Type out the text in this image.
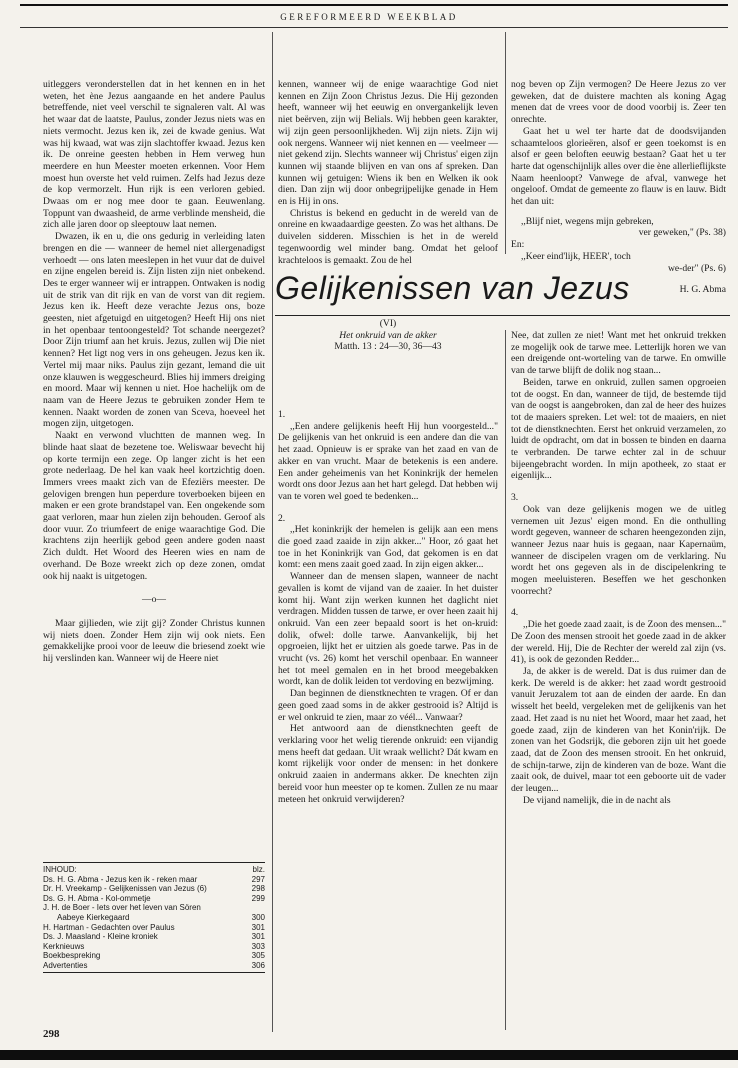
GEREFORMEERD WEEKBLAD

uitleggers veronderstellen dat in het kennen en in het weten, het ène Jezus aangaande en het andere Paulus betreffende, niet veel verschil te signaleren valt. Al was het waar dat de laatste, Paulus, zonder Jezus niets was en niets vermocht. Jezus ken ik, zei de kwade genius. Wat was hij kwaad, wat was zijn slachtoffer kwaad. Jezus ken ik. De onreine geesten hebben in Hem verweg hun meerdere en hun Meester moeten erkennen. Voor Hem moest hun overste het veld ruimen. Zelfs had Jezus deze de kop vermorzelt. Hun rijk is een verloren gebied. Dwaas om er nog mee door te gaan. Eeuwenlang. Toppunt van dwaasheid, de arme verblinde mensheid, die zich alle jaren door op sleeptouw laat nemen.

Dwazen, ik en u, die ons gedurig in verleiding laten brengen en die — wanneer de hemel niet allergenadigst verhoedt — ons laten meeslepen in het vuur dat de duivel en zijne engelen bereid is. Zijn listen zijn niet onbekend. Des te erger wanneer wij er intrappen. Ontwaken is nodig uit de strik van dit rijk en van de vorst van dit regiem. Jezus ken ik. Heeft deze verachte Jezus ons, boze geesten, niet afgetuigd en uitgetogen? Heeft Hij ons niet in het openbaar tentoongesteld? Tot schande neergezet? Door Zijn triumf aan het kruis. Jezus, zullen wij Die niet kennen? Het ligt nog vers in ons geheugen. Jezus ken ik. Vertel mij maar niks. Paulus zijn gezant, lemand die uit onze klauwen is weggescheurd. Blies hij immers dreiging en moord. Maar wij kennen u niet. Hoe hachelijk om de naam van de Heere Jezus te gebruiken zonder Hem te kennen. Naakt worden de zonen van Sceva, hoeveel het mogen zijn, uitgetogen.

Naakt en verwond vluchtten de mannen weg. In blinde haat slaat de bezetene toe. Weliswaar bevecht hij op korte termijn een zege. Op langer zicht is het een grote nederlaag. De hel kan vaak heel kortzichtig doen. Immers vrees maakt zich van de Efeziërs meester. De gelovigen brengen hun peperdure toverboeken bijeen en maken er een grote brandstapel van. Een ongekende som gaat verloren, maar hun zielen zijn behouden. Geroof als door vuur. Zo triumfeert de enige waarachtige God. Die krachtens zijn heerlijk gebod geen andere goden naast Zich duldt. Het Woord des Heeren wies en nam de overhand. De Boze wreekt zich op deze zonen, omdat ook hij naakt is uitgetogen.

—o—

Maar gijlieden, wie zijt gij? Zonder Christus kunnen wij niets doen. Zonder Hem zijn wij ook niets. Een gemakkelijke prooi voor de leeuw die briesend zoekt wie hij verslinden kan. Wanneer wij de Heere niet

kennen, wanneer wij de enige waarachtige God niet kennen en Zijn Zoon Christus Jezus. Die Hij gezonden heeft, wanneer wij het eeuwig en onvergankelijk leven niet beërven, zijn wij Belials. Wij hebben geen karakter, wij zijn geen persoonlijkheden. Wij zijn niets. Zijn wij ook nergens. Wanneer wij niet kennen en — veelmeer — niet gekend zijn. Slechts wanneer wij Christus' eigen zijn kunnen wij staande blijven en van ons af spreken. Dan kunnen wij getuigen: Wiens ik ben en Welken ik ook dien. Dan zijn wij door onbegrijpelijke genade in Hem en is Hij in ons.

Christus is bekend en geducht in de wereld van de onreine en kwaadaardige geesten. Zo was het althans. De duivelen sidderen. Misschien is het in de wereld tegenwoordig wel minder bang. Omdat het geloof krachteloos is gemaakt. Zou de hel

nog beven op Zijn vermogen? De Heere Jezus zo ver geweken, dat de duistere machten als koning Agag menen dat de vrees voor de dood voorbij is. Zeer ten onrechte.

Gaat het u wel ter harte dat de doodsvijanden schaamteloos glorieëren, alsof er geen toekomst is en alsof er geen beloften eeuwig bestaan? Gaat het u ter harte dat ogenschijnlijk alles over die ène allerlieflijkste Naam heenloopt? Vanwege de afval, vanwege het ongeloof. Omdat de gemeente zo flauw is en lauw. Bidt het dan uit:

,,Blijf niet, wegens mijn gebreken,

ver geweken," (Ps. 38)

En:

,,Keer eind'lijk, HEER', toch

we-der" (Ps. 6)

H. G. Abma

Gelijkenissen van Jezus
(VI)
Het onkruid van de akker
Matth. 13 : 24—30, 36—43

1.

,,Een andere gelijkenis heeft Hij hun voorgesteld..." De gelijkenis van het onkruid is een andere dan die van het zaad. Opnieuw is er sprake van het zaad en van de akker en van vrucht. Maar de betekenis is een andere. Een ander geheimenis van het Koninkrijk der hemelen wordt ons door Jezus aan het hart gelegd. Dat hebben wij van te voren wel goed te bedenken...

2.

,,Het koninkrijk der hemelen is gelijk aan een mens die goed zaad zaaide in zijn akker..." Hoor, zó gaat het toe in het Koninkrijk van God, dat gekomen is en dat komt: een mens zaait goed zaad. In zijn eigen akker...

Wanneer dan de mensen slapen, wanneer de nacht gevallen is komt de vijand van de zaaier. In het duister komt hij. Want zijn werken kunnen het daglicht niet verdragen. Midden tussen de tarwe, er over heen zaait hij onkruid. Van een zeer bepaald soort is het on-kruid: dolik, ofwel: dolle tarwe. Aanvankelijk, bij het opgroeien, lijkt het er uitzien als goede tarwe. Pas in de vrucht (vs. 26) komt het verschil openbaar. En wanneer het tot meel gemalen en in het brood meegebakken wordt, kan de dolik leiden tot verdoving en bezwijming.

Dan beginnen de dienstknechten te vragen. Of er dan geen goed zaad soms in de akker gestrooid is? Altijd is er wel onkruid te zien, maar zo véél... Vanwaar?

Het antwoord aan de dienstknechten geeft de verklaring voor het welig tierende onkruid: een vijandig mens heeft dat gedaan. Uit wraak wellicht? Dát kwam en komt rijkelijk voor onder de mensen: in het donkere onkruid zaaien in andermans akker. De knechten zijn bereid voor hun meester op te komen. Zullen ze nu maar meteen het onkruid verwijderen?

Nee, dat zullen ze niet! Want met het onkruid trekken ze mogelijk ook de tarwe mee. Letterlijk horen we van een dreigende ont-worteling van de tarwe. En omwille van de tarwe blijft de dolik nog staan...

Beiden, tarwe en onkruid, zullen samen opgroeien tot de oogst. En dan, wanneer de tijd, de bestemde tijd van de oogst is aangebroken, dan zal de heer des huizes tot de maaiers spreken. Let wel: tot de maaiers, en niet tot de dienstknechten. Eerst het onkruid verzamelen, zo luidt de opdracht, om dat in bossen te binden en daarna te verbranden. De tarwe echter zal in de schuur bijeengebracht worden. In mijn apotheek, zo staat er eigenlijk...

3.

Ook van deze gelijkenis mogen we de uitleg vernemen uit Jezus' eigen mond. En die onthulling wordt gegeven, wanneer de scharen heengezonden zijn, wanneer Jezus naar huis is gegaan, naar Kapernaüm, wanneer de discipelen vragen om de verklaring. Nu wordt het ons gegeven als in de discipelenkring te mogen meeluisteren. Beseffen we het geschonken voorrecht?

4.

,,Die het goede zaad zaait, is de Zoon des mensen..." De Zoon des mensen strooit het goede zaad in de akker der wereld. Hij, Die de Rechter der wereld zal zijn (vs. 41), is ook de gezonden Redder...

Ja, de akker is de wereld. Dat is dus ruimer dan de kerk. De wereld is de akker: het zaad wordt gestrooid vanuit Jeruzalem tot aan de einden der aarde. En dan wisselt het beeld, vergeleken met de gelijkenis van het zaad. Het zaad is nu niet het Woord, maar het zaad, het goede zaad, zijn de kinderen van het Konin'rijk. De zonen van het Godsrijk, die geboren zijn uit het goede zaad, dat de Zoon des mensen strooit. En het onkruid, de schijn-tarwe, zijn de kinderen van de boze. Want die zaait ook, de duivel, maar tot een geboorte uit de vader der leugen...

De vijand namelijk, die in de nacht als

INHOUD:	blz.
Ds. H. G. Abma - Jezus ken ik - reken maar	297
Dr. H. Vreekamp - Gelijkenissen van Jezus (6)	298
Ds. G. H. Abma - Kol-ommetje	299
J. H. de Boer - Iets over het leven van Sören
Aabeye Kierkegaard	300
H. Hartman - Gedachten over Paulus	301
Ds. J. Maasland - Kleine kroniek	301
Kerknieuws	303
Boekbespreking	305
Advertenties	306
298
